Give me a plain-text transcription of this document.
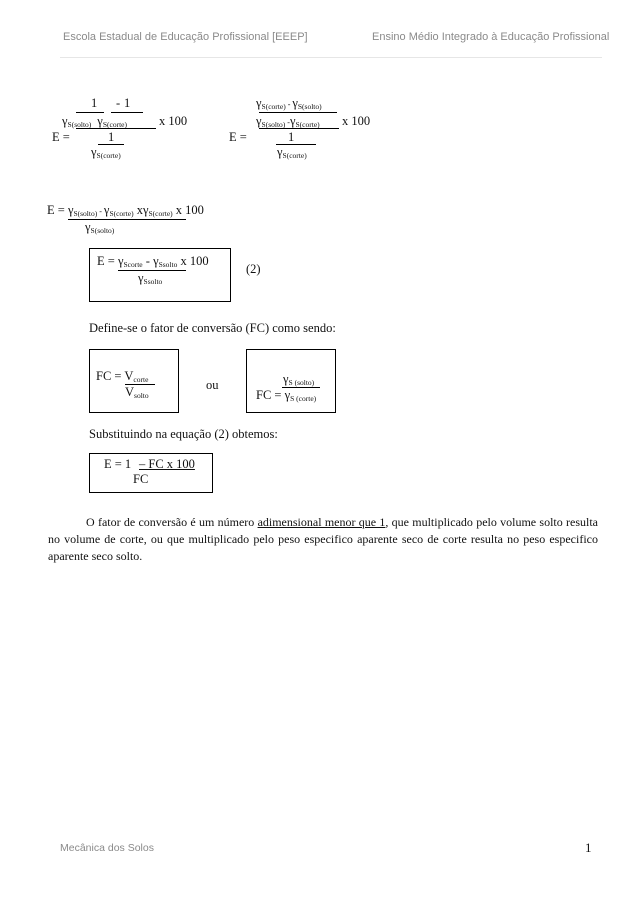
Escola Estadual de Educação Profissional [EEEP]	Ensino Médio Integrado à Educação Profissional
1 - 1
$\gamma_{S(solto)}$ $\gamma_{S(corte)}$	x 100
E =	1
$\gamma_{S(corte)}$
$\gamma_{S(corte)} - \gamma_{S(solto)}$
$\gamma_{S(solto)}$ $-\gamma_{S(corte)}$ x 100
E =	1
$\gamma_{S(corte)}$
$E = \gamma_{S(solto)} - \gamma_{S(corte)}$ $x\gamma_{S(corte)}$ x 100
$\gamma_{S(solto)}$
$E = \gamma_{Scorte} - \gamma_{Ssolto}$ x 100
$\gamma_{Ssolto}$
(2)
Define-se o fator de conversão (FC) como sendo:
FC = $V_{corte}$
$V_{solto}$
ou	$\gamma_{S (solto)}$
FC = $\gamma_{S (corte)}$
Substituindo na equação (2) obtemos:
E = 1 – FC x 100
FC
O fator de conversão é um número adimensional menor que 1, que multiplicado pelo volume solto resulta no volume de corte, ou que multiplicado pelo peso especifico aparente seco de corte resulta no peso especifico aparente seco solto.
Mecânica dos Solos	1
